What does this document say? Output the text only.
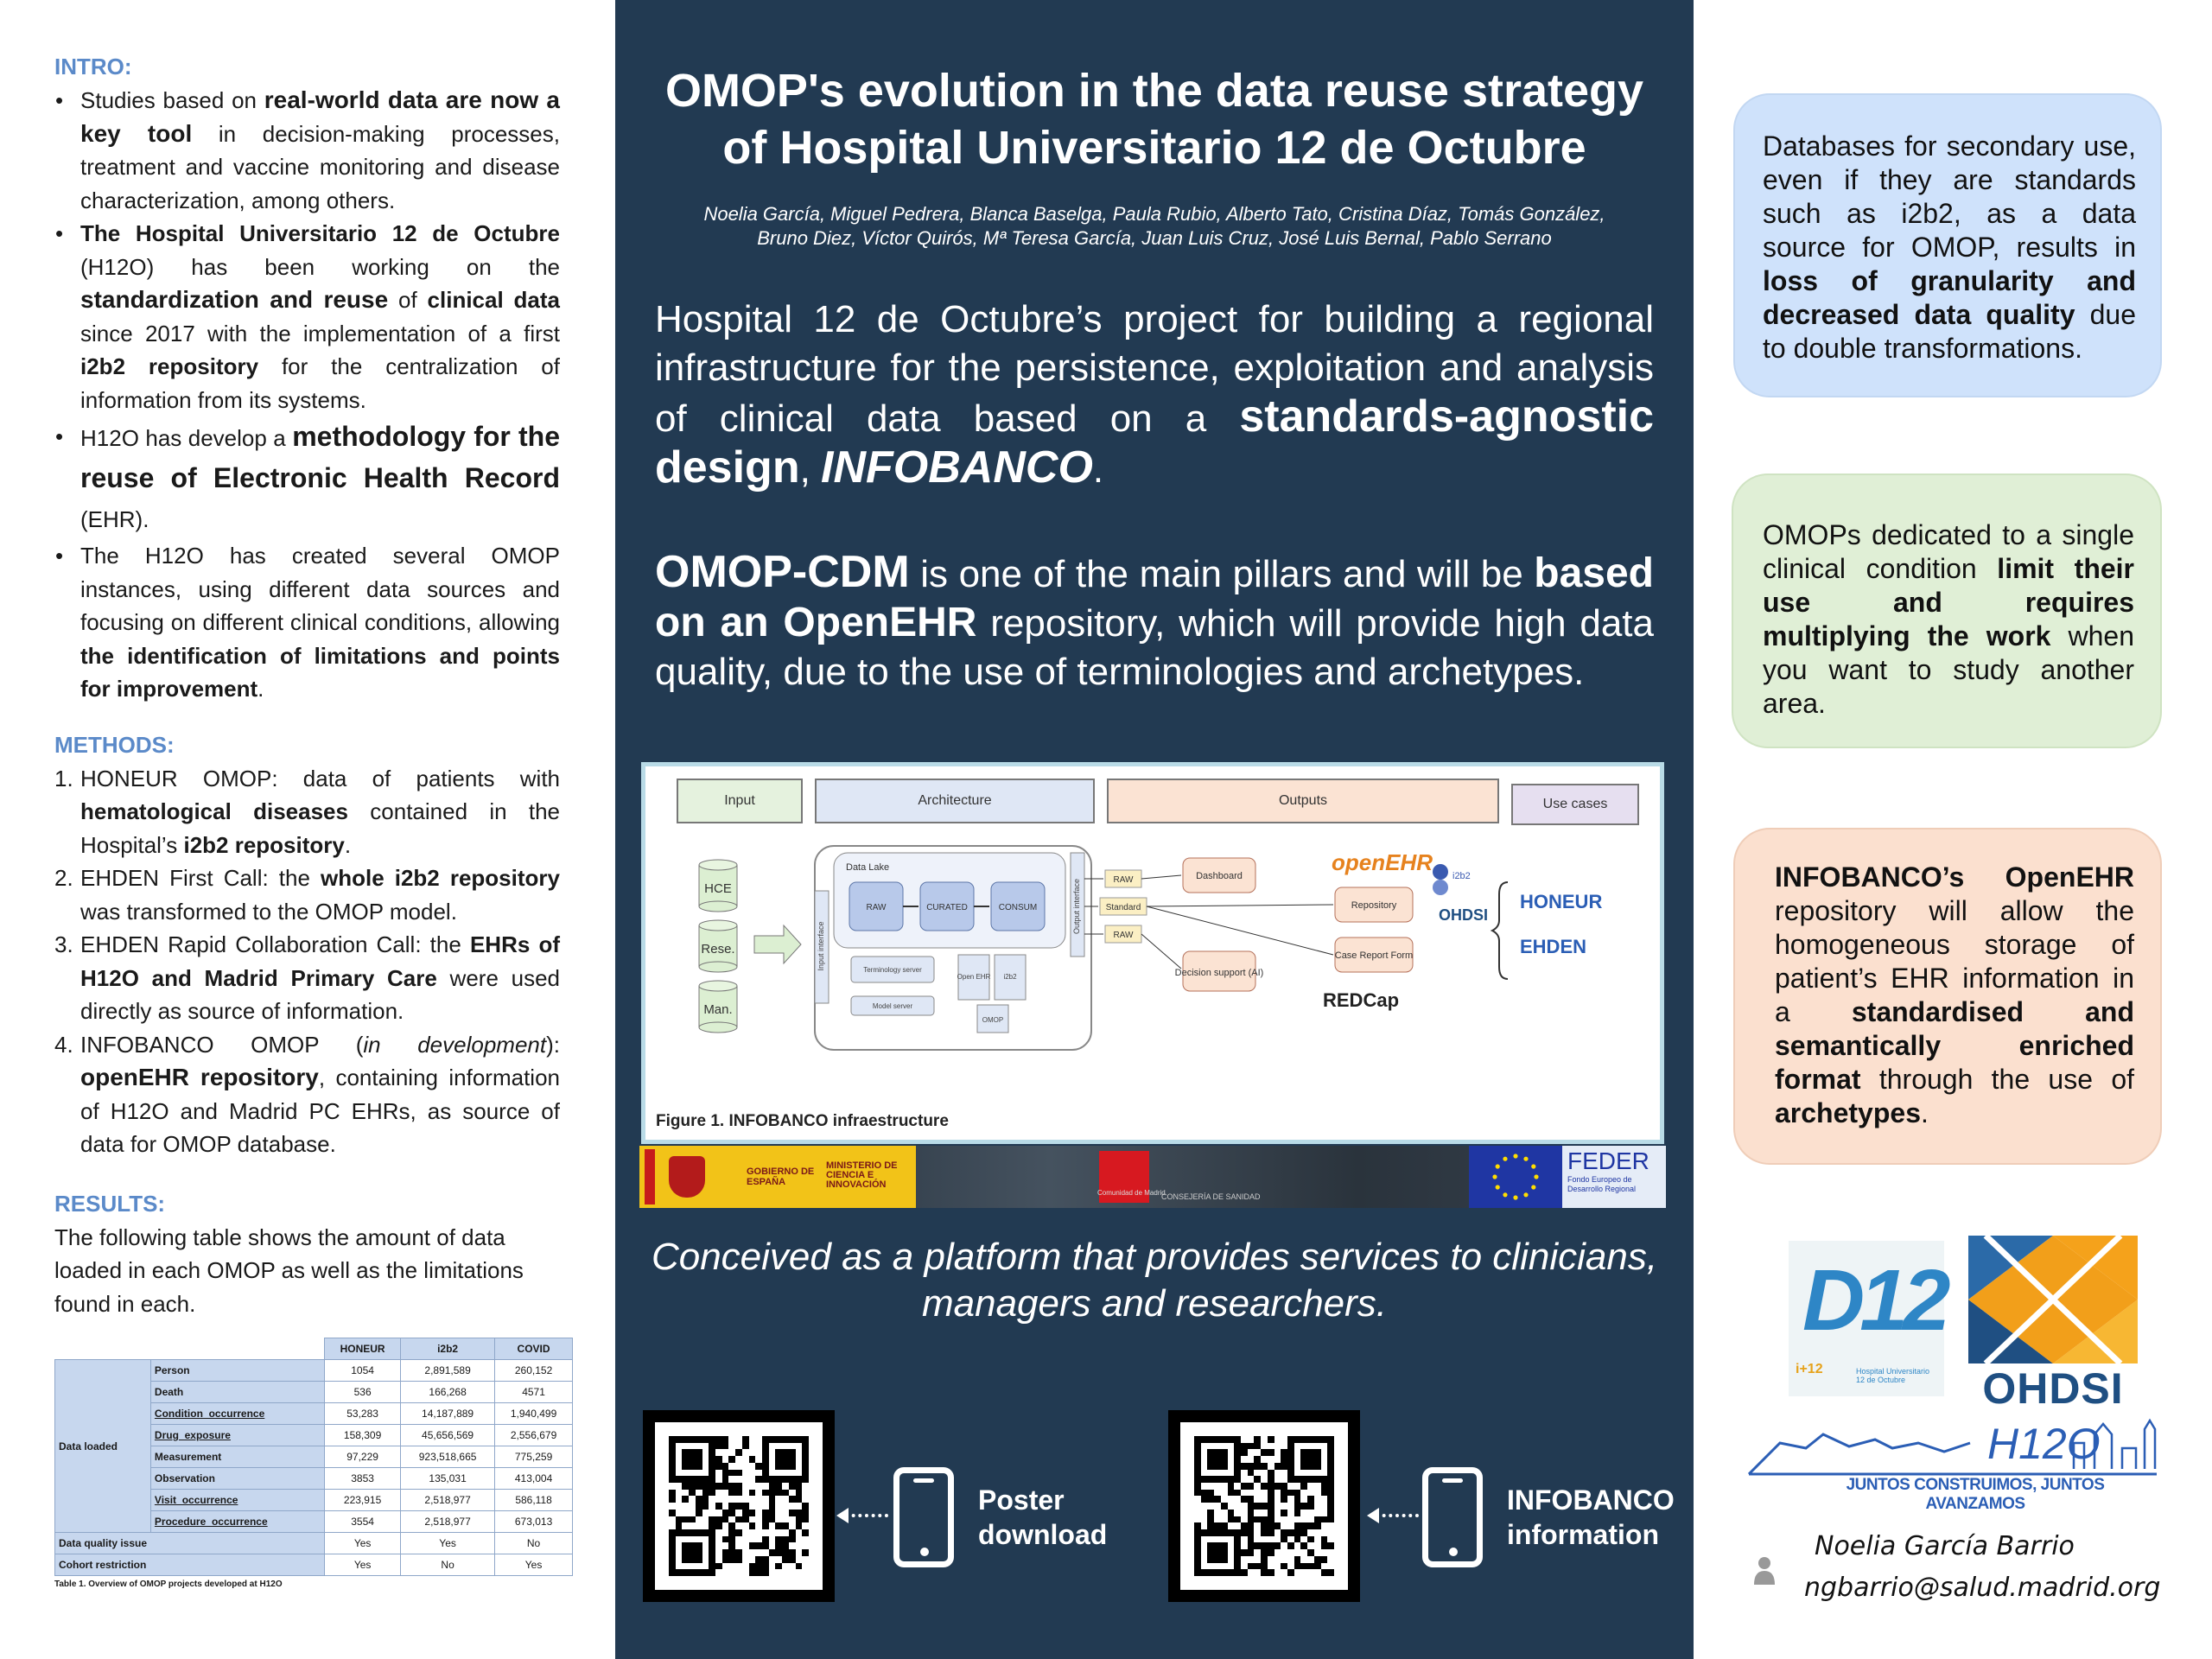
INTRO:
• Studies based on real-world data are now a key tool in decision-making processes, treatment and vaccine monitoring and disease characterization, among others.
• The Hospital Universitario 12 de Octubre (H12O) has been working on the standardization and reuse of clinical data since 2017 with the implementation of a first i2b2 repository for the centralization of information from its systems.
• H12O has develop a methodology for the reuse of Electronic Health Record (EHR).
• The H12O has created several OMOP instances, using different data sources and focusing on different clinical conditions, allowing the identification of limitations and points for improvement.
METHODS:
1. HONEUR OMOP: data of patients with hematological diseases contained in the Hospital’s i2b2 repository.
2. EHDEN First Call: the whole i2b2 repository was transformed to the OMOP model.
3. EHDEN Rapid Collaboration Call: the EHRs of H12O and Madrid Primary Care were used directly as source of information.
4. INFOBANCO OMOP (in development): openEHR repository, containing information of H12O and Madrid PC EHRs, as source of data for OMOP database.
RESULTS:
The following table shows the amount of data loaded in each OMOP as well as the limitations found in each.
		HONEUR	i2b2	COVID
Data loaded	Person	1054	2,891,589	260,152
	Death	536	166,268	4571
	Condition_occurrence	53,283	14,187,889	1,940,499
	Drug_exposure	158,309	45,656,569	2,556,679
	Measurement	97,229	923,518,665	775,259
	Observation	3853	135,031	413,004
	Visit_occurrence	223,915	2,518,977	586,118
	Procedure_occurrence	3554	2,518,977	673,013
Data quality issue		Yes	Yes	No
Cohort restriction		Yes	No	Yes
Table 1. Overview of OMOP projects developed at H12O
OMOP's evolution in the data reuse strategy of Hospital Universitario 12 de Octubre
Noelia García, Miguel Pedrera, Blanca Baselga, Paula Rubio, Alberto Tato, Cristina Díaz, Tomás González,
Bruno Diez, Víctor Quirós, Mª Teresa García, Juan Luis Cruz, José Luis Bernal, Pablo Serrano
Hospital 12 de Octubre’s project for building a regional infrastructure for the persistence, exploitation and analysis of clinical data based on a standards-agnostic design, INFOBANCO.
OMOP-CDM is one of the main pillars and will be based on an OpenEHR repository, which will provide high data quality, due to the use of terminologies and archetypes.
Input	Architecture	Outputs	Use cases
HCE
Rese.
Man.
Input interface
Output interface
Data Lake
RAW	CURATED	CONSUM
Terminology server
Model server
Open EHR i2b2
OMOP
RAW
Standard
RAW
Dashboard
Repository
Case Report Form
Decision support (AI)
openEHR
i2b2
OHDSI
REDCap
HONEUR
EHDEN
Figure 1. INFOBANCO infraestructure
GOBIERNO DE ESPAÑA
MINISTERIO DE CIENCIA E INNOVACIÓN
Comunidad de Madrid
CONSEJERÍA DE SANIDAD
FEDER
Fondo Europeo de Desarrollo Regional
Conceived as a platform that provides services to clinicians, managers and researchers.
Poster download
INFOBANCO information
Databases for secondary use, even if they are standards such as i2b2, as a data source for OMOP, results in loss of granularity and decreased data quality due to double transformations.
OMOPs dedicated to a single clinical condition limit their use and requires multiplying the work when you want to study another area.
INFOBANCO’s OpenEHR repository will allow the homogeneous storage of patient’s EHR information in a standardised and semantically enriched format through the use of archetypes.
D12
i+12	Hospital Universitario 12 de Octubre	OHDSI
H12O
JUNTOS CONSTRUIMOS, JUNTOS AVANZAMOS
Noelia García Barrio
ngbarrio@salud.madrid.org
